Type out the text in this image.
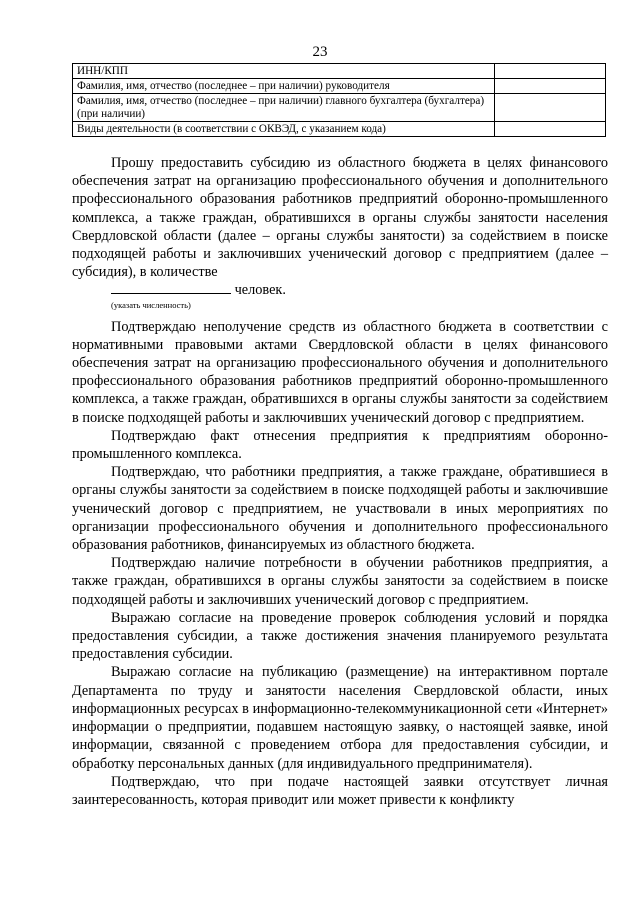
23
ИНН/КПП	
Фамилия, имя, отчество (последнее – при наличии) руководителя	
Фамилия, имя, отчество (последнее – при наличии) главного бухгалтера (бухгалтера) (при наличии)	
Виды деятельности (в соответствии с ОКВЭД, с указанием кода)	

Прошу предоставить субсидию из областного бюджета в целях финансового обеспечения затрат на организацию профессионального обучения и дополнительного профессионального образования работников предприятий оборонно-промышленного комплекса, а также граждан, обратившихся в органы службы занятости населения Свердловской области (далее – органы службы занятости) за содействием в поиске подходящей работы и заключивших ученический договор с предприятием (далее – субсидия), в количестве

человек.

(указать численность)

Подтверждаю неполучение средств из областного бюджета в соответствии с нормативными правовыми актами Свердловской области в целях финансового обеспечения затрат на организацию профессионального обучения и дополнительного профессионального образования работников предприятий оборонно-промышленного комплекса, а также граждан, обратившихся в органы службы занятости за содействием в поиске подходящей работы и заключивших ученический договор с предприятием.

Подтверждаю факт отнесения предприятия к предприятиям оборонно-промышленного комплекса.

Подтверждаю, что работники предприятия, а также граждане, обратившиеся в органы службы занятости за содействием в поиске подходящей работы и заключившие ученический договор с предприятием, не участвовали в иных мероприятиях по организации профессионального обучения и дополнительного профессионального образования работников, финансируемых из областного бюджета.

Подтверждаю наличие потребности в обучении работников предприятия, а также граждан, обратившихся в органы службы занятости за содействием в поиске подходящей работы и заключивших ученический договор с предприятием.

Выражаю согласие на проведение проверок соблюдения условий и порядка предоставления субсидии, а также достижения значения планируемого результата предоставления субсидии.

Выражаю согласие на публикацию (размещение) на интерактивном портале Департамента по труду и занятости населения Свердловской области, иных информационных ресурсах в информационно-телекоммуникационной сети «Интернет» информации о предприятии, подавшем настоящую заявку, о настоящей заявке, иной информации, связанной с проведением отбора для предоставления субсидии, и обработку персональных данных (для индивидуального предпринимателя).

Подтверждаю, что при подаче настоящей заявки отсутствует личная заинтересованность, которая приводит или может привести к конфликту
